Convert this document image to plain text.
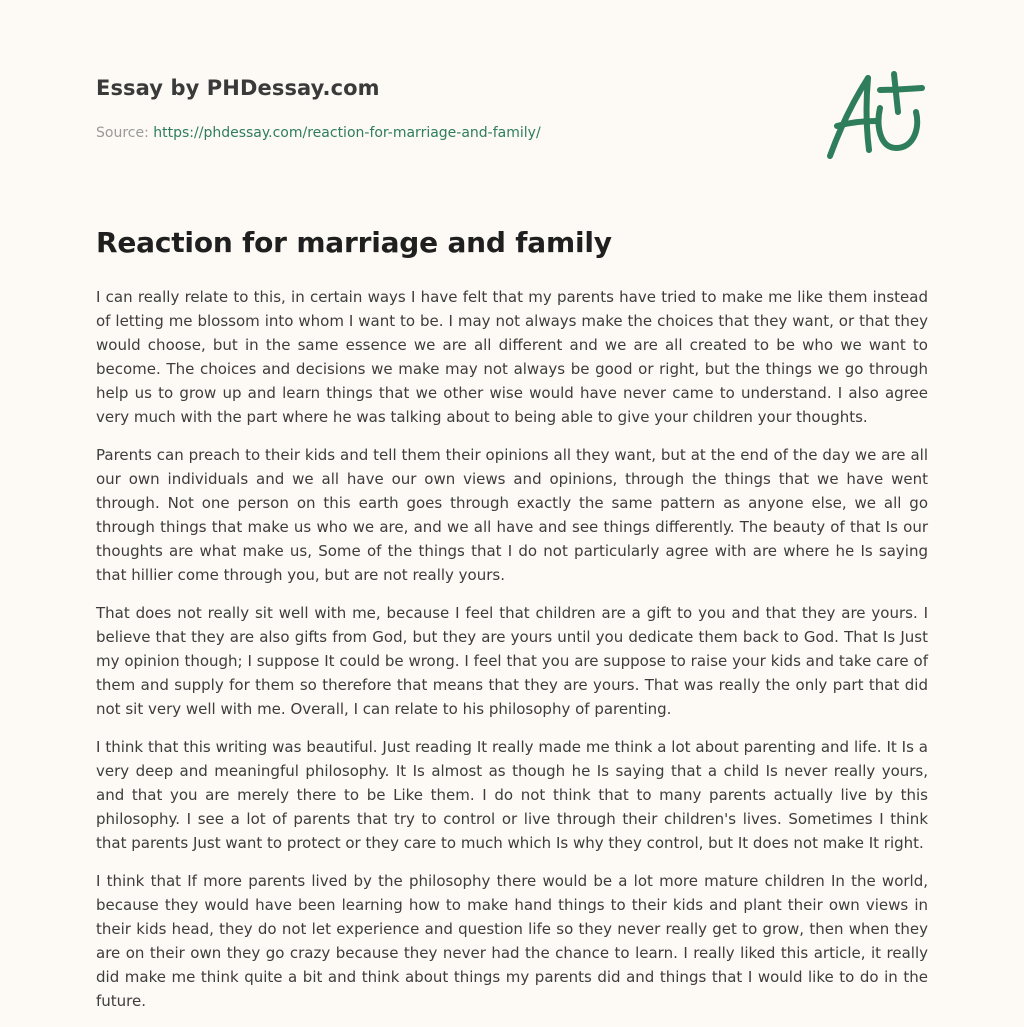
Essay by PHDessay.com
Source: https://phdessay.com/reaction-for-marriage-and-family/
Reaction for marriage and family

I can really relate to this, in certain ways I have felt that my parents have tried to make me like them instead of letting me blossom into whom I want to be. I may not always make the choices that they want, or that they would choose, but in the same essence we are all different and we are all created to be who we want to become. The choices and decisions we make may not always be good or right, but the things we go through help us to grow up and learn things that we other wise would have never came to understand. I also agree very much with the part where he was talking about to being able to give your children your thoughts.

Parents can preach to their kids and tell them their opinions all they want, but at the end of the day we are all our own individuals and we all have our own views and opinions, through the things that we have went through. Not one person on this earth goes through exactly the same pattern as anyone else, we all go through things that make us who we are, and we all have and see things differently. The beauty of that Is our thoughts are what make us, Some of the things that I do not particularly agree with are where he Is saying that hillier come through you, but are not really yours.

That does not really sit well with me, because I feel that children are a gift to you and that they are yours. I believe that they are also gifts from God, but they are yours until you dedicate them back to God. That Is Just my opinion though; I suppose It could be wrong. I feel that you are suppose to raise your kids and take care of them and supply for them so therefore that means that they are yours. That was really the only part that did not sit very well with me. Overall, I can relate to his philosophy of parenting.

I think that this writing was beautiful. Just reading It really made me think a lot about parenting and life. It Is a very deep and meaningful philosophy. It Is almost as though he Is saying that a child Is never really yours, and that you are merely there to be Like them. I do not think that to many parents actually live by this philosophy. I see a lot of parents that try to control or live through their children's lives. Sometimes I think that parents Just want to protect or they care to much which Is why they control, but It does not make It right.

I think that If more parents lived by the philosophy there would be a lot more mature children In the world, because they would have been learning how to make hand things to their kids and plant their own views in their kids head, they do not let experience and question life so they never really get to grow, then when they are on their own they go crazy because they never had the chance to learn. I really liked this article, it really did make me think quite a bit and think about things my parents did and things that I would like to do in the future.
